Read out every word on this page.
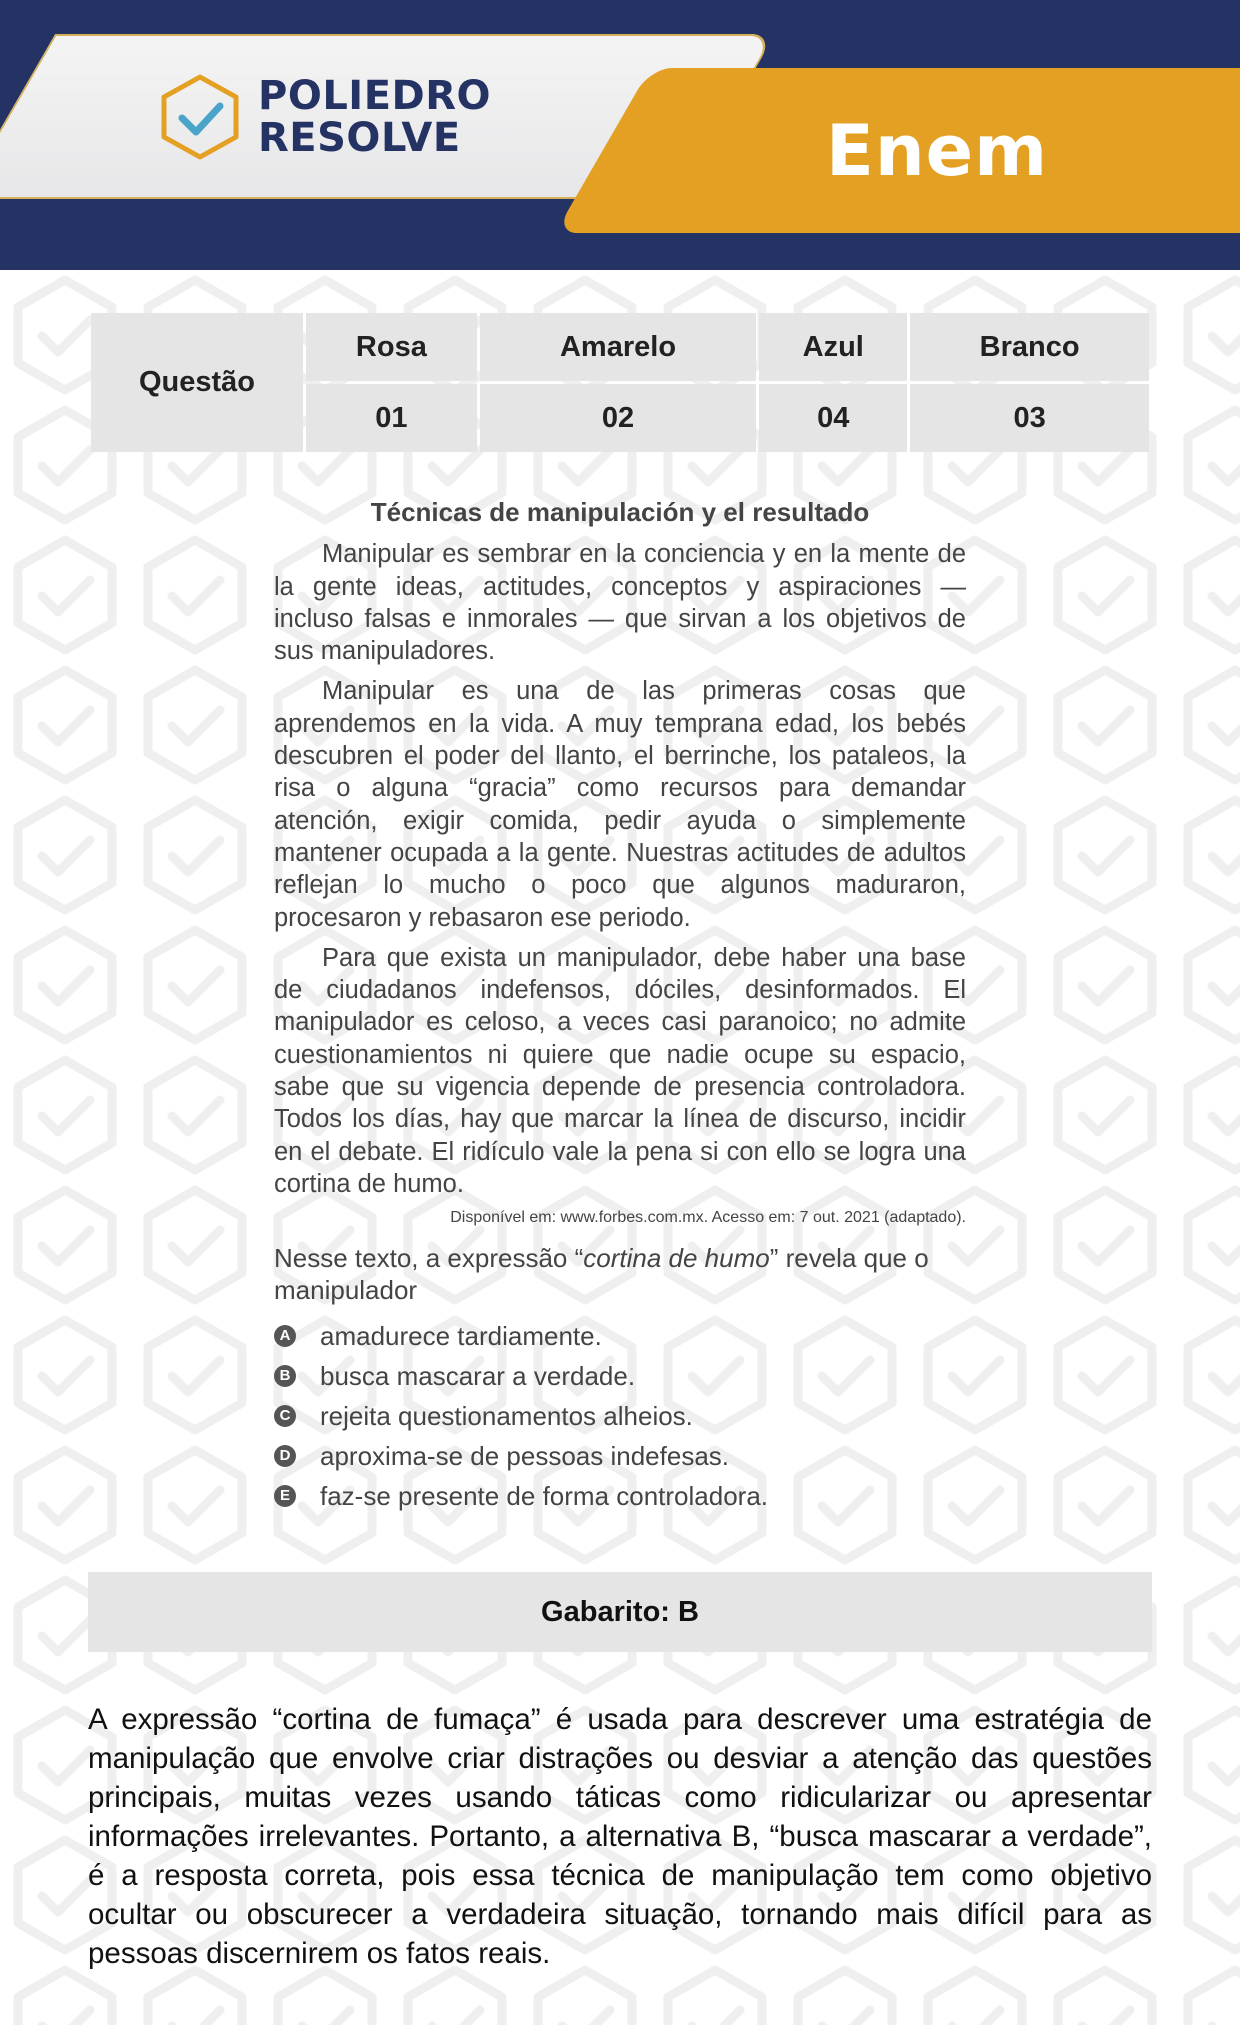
POLIEDRO
RESOLVE	Enem
Questão	Rosa	Amarelo	Azul	Branco
	01	02	04	03
Técnicas de manipulación y el resultado

Manipular es sembrar en la conciencia y en la mente de la gente ideas, actitudes, conceptos y aspiraciones — incluso falsas e inmorales — que sirvan a los objetivos de sus manipuladores.

Manipular es una de las primeras cosas que aprendemos en la vida. A muy temprana edad, los bebés descubren el poder del llanto, el berrinche, los pataleos, la risa o alguna “gracia” como recursos para demandar atención, exigir comida, pedir ayuda o simplemente mantener ocupada a la gente. Nuestras actitudes de adultos reflejan lo mucho o poco que algunos maduraron, procesaron y rebasaron ese periodo.

Para que exista un manipulador, debe haber una base de ciudadanos indefensos, dóciles, desinformados. El manipulador es celoso, a veces casi paranoico; no admite cuestionamientos ni quiere que nadie ocupe su espacio, sabe que su vigencia depende de presencia controladora. Todos los días, hay que marcar la línea de discurso, incidir en el debate. El ridículo vale la pena si con ello se logra una cortina de humo.

Disponível em: www.forbes.com.mx. Acesso em: 7 out. 2021 (adaptado).
Nesse texto, a expressão “cortina de humo” revela que o manipulador
A amadurece tardiamente.
B busca mascarar a verdade.
C rejeita questionamentos alheios.
D aproxima-se de pessoas indefesas.
E faz-se presente de forma controladora.
Gabarito: B
A expressão “cortina de fumaça” é usada para descrever uma estratégia de manipulação que envolve criar distrações ou desviar a atenção das questões principais, muitas vezes usando táticas como ridicularizar ou apresentar informações irrelevantes. Portanto, a alternativa B, “busca mascarar a verdade”, é a resposta correta, pois essa técnica de manipulação tem como objetivo ocultar ou obscurecer a verdadeira situação, tornando mais difícil para as pessoas discernirem os fatos reais.
